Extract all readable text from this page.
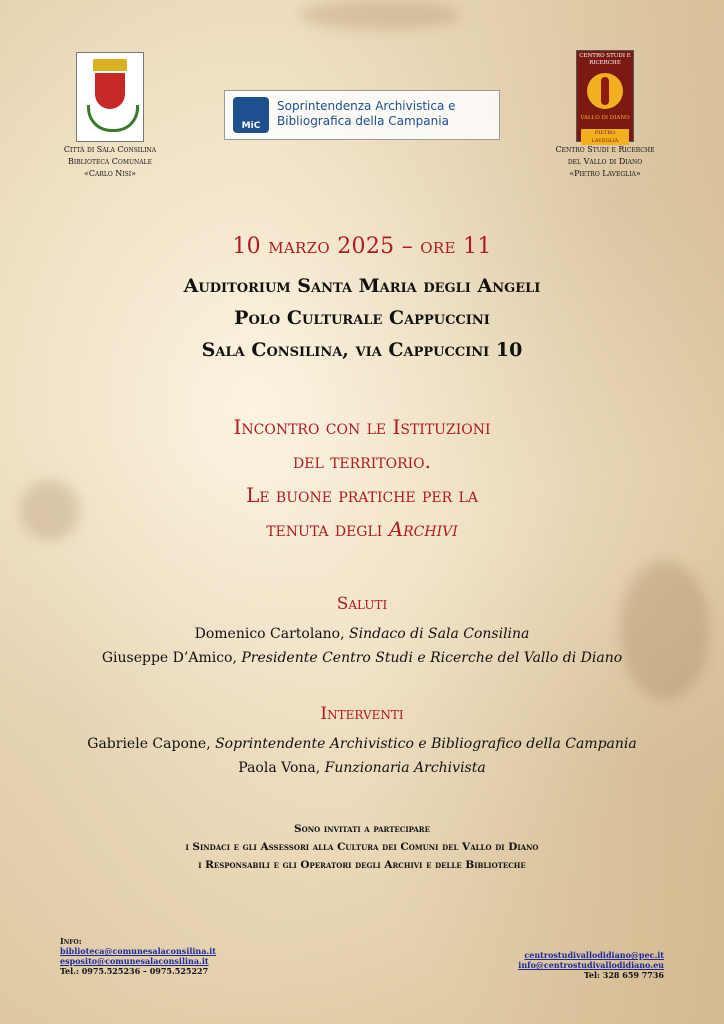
Città di Sala Consilina
Biblioteca Comunale
«Carlo Nisi»
MiC
Soprintendenza Archivistica e Bibliografica della Campania
CENTRO STUDI E RICERCHE
VALLO DI DIANO
PIETRO LAVEGLIA
Centro Studi e Ricerche
del Vallo di Diano
«Pietro Laveglia»
10 marzo 2025 – ore 11
Auditorium Santa Maria degli Angeli
Polo Culturale Cappuccini
Sala Consilina, via Cappuccini 10
Incontro con le Istituzioni
del territorio.
Le buone pratiche per la
tenuta degli Archivi
Saluti
Domenico Cartolano, Sindaco di Sala Consilina
Giuseppe D’Amico, Presidente Centro Studi e Ricerche del Vallo di Diano
Interventi
Gabriele Capone, Soprintendente Archivistico e Bibliografico della Campania
Paola Vona, Funzionaria Archivista
Sono invitati a partecipare
i Sindaci e gli Assessori alla Cultura dei Comuni del Vallo di Diano
i Responsabili e gli Operatori degli Archivi e delle Biblioteche
Info:
biblioteca@comunesalaconsilina.it
esposito@comunesalaconsilina.it
Tel.: 0975.525236 – 0975.525227
centrostudivallodidiano@pec.it
info@centrostudivallodidiano.eu
Tel: 328 659 7736
